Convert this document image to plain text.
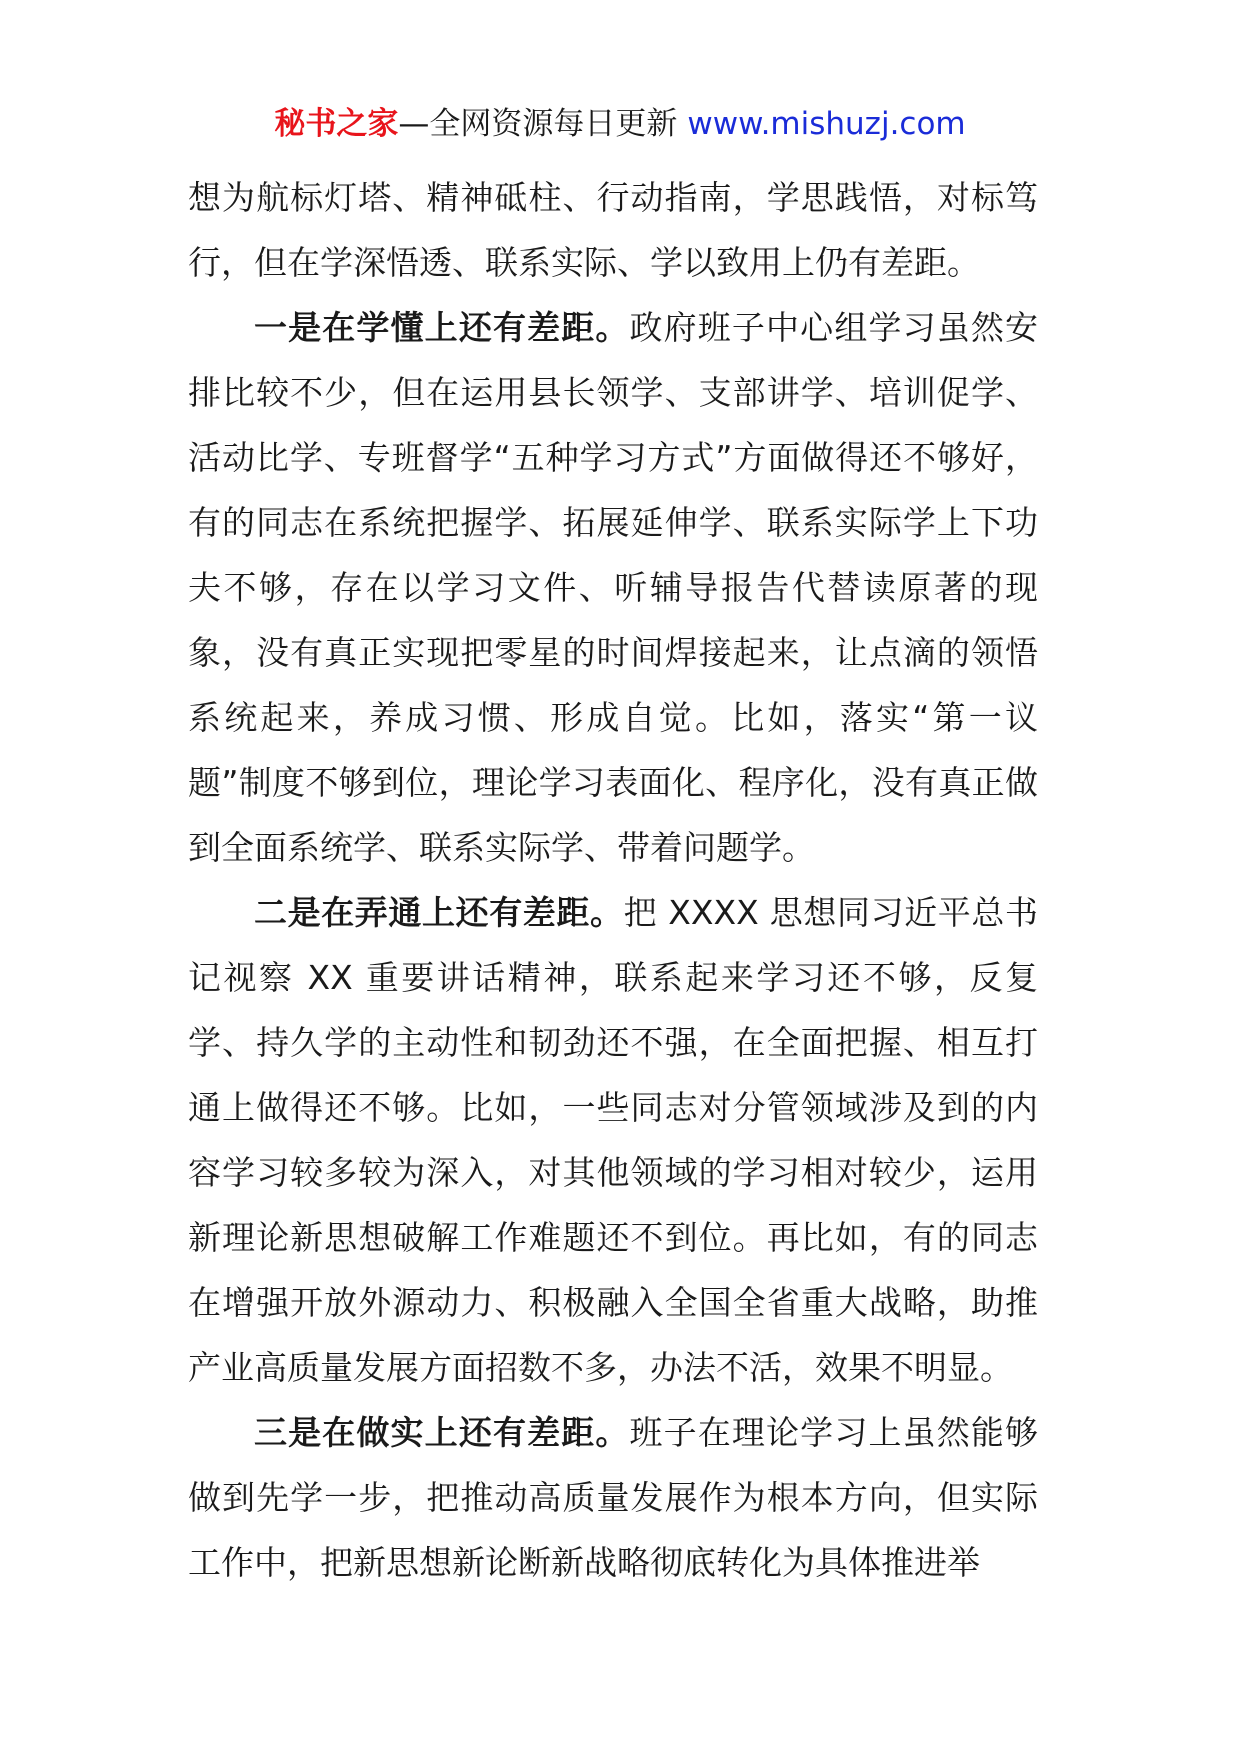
秘书之家—全网资源每日更新 www.mishuzj.com

想为航标灯塔、精神砥柱、行动指南，学思践悟，对标笃行，但在学深悟透、联系实际、学以致用上仍有差距。

一是在学懂上还有差距。政府班子中心组学习虽然安排比较不少，但在运用县长领学、支部讲学、培训促学、活动比学、专班督学“五种学习方式”方面做得还不够好，有的同志在系统把握学、拓展延伸学、联系实际学上下功夫不够，存在以学习文件、听辅导报告代替读原著的现象，没有真正实现把零星的时间焊接起来，让点滴的领悟系统起来，养成习惯、形成自觉。比如，落实“第一议题”制度不够到位，理论学习表面化、程序化，没有真正做到全面系统学、联系实际学、带着问题学。

二是在弄通上还有差距。把 XXXX 思想同习近平总书记视察 XX 重要讲话精神，联系起来学习还不够，反复学、持久学的主动性和韧劲还不强，在全面把握、相互打通上做得还不够。比如，一些同志对分管领域涉及到的内容学习较多较为深入，对其他领域的学习相对较少，运用新理论新思想破解工作难题还不到位。再比如，有的同志在增强开放外源动力、积极融入全国全省重大战略，助推产业高质量发展方面招数不多，办法不活，效果不明显。

三是在做实上还有差距。班子在理论学习上虽然能够做到先学一步，把推动高质量发展作为根本方向，但实际工作中，把新思想新论断新战略彻底转化为具体推进举
